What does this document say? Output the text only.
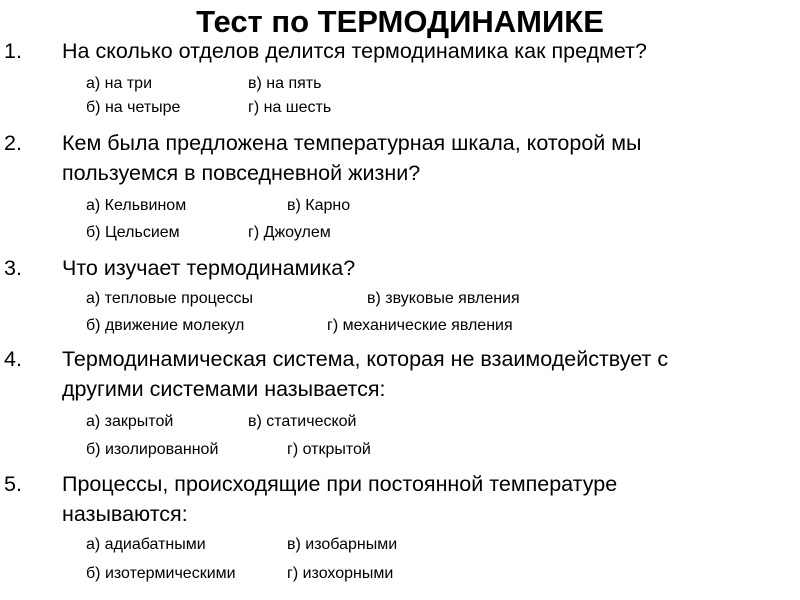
Тест по ТЕРМОДИНАМИКЕ
1. На сколько отделов делится термодинамика как предмет?
а) на три	в) на пять
б) на четыре	г) на шесть
2. Кем была предложена температурная шкала, которой мы
пользуемся в повседневной жизни?
а) Кельвином	в) Карно
б) Цельсием	г) Джоулем
3. Что изучает термодинамика?
а) тепловые процессы	в) звуковые явления
б) движение молекул	г) механические явления
4. Термодинамическая система, которая не взаимодействует с
другими системами называется:
а) закрытой	в) статической
б) изолированной	г) открытой
5. Процессы, происходящие при постоянной температуре
называются:
а) адиабатными	в) изобарными
б) изотермическими	г) изохорными
